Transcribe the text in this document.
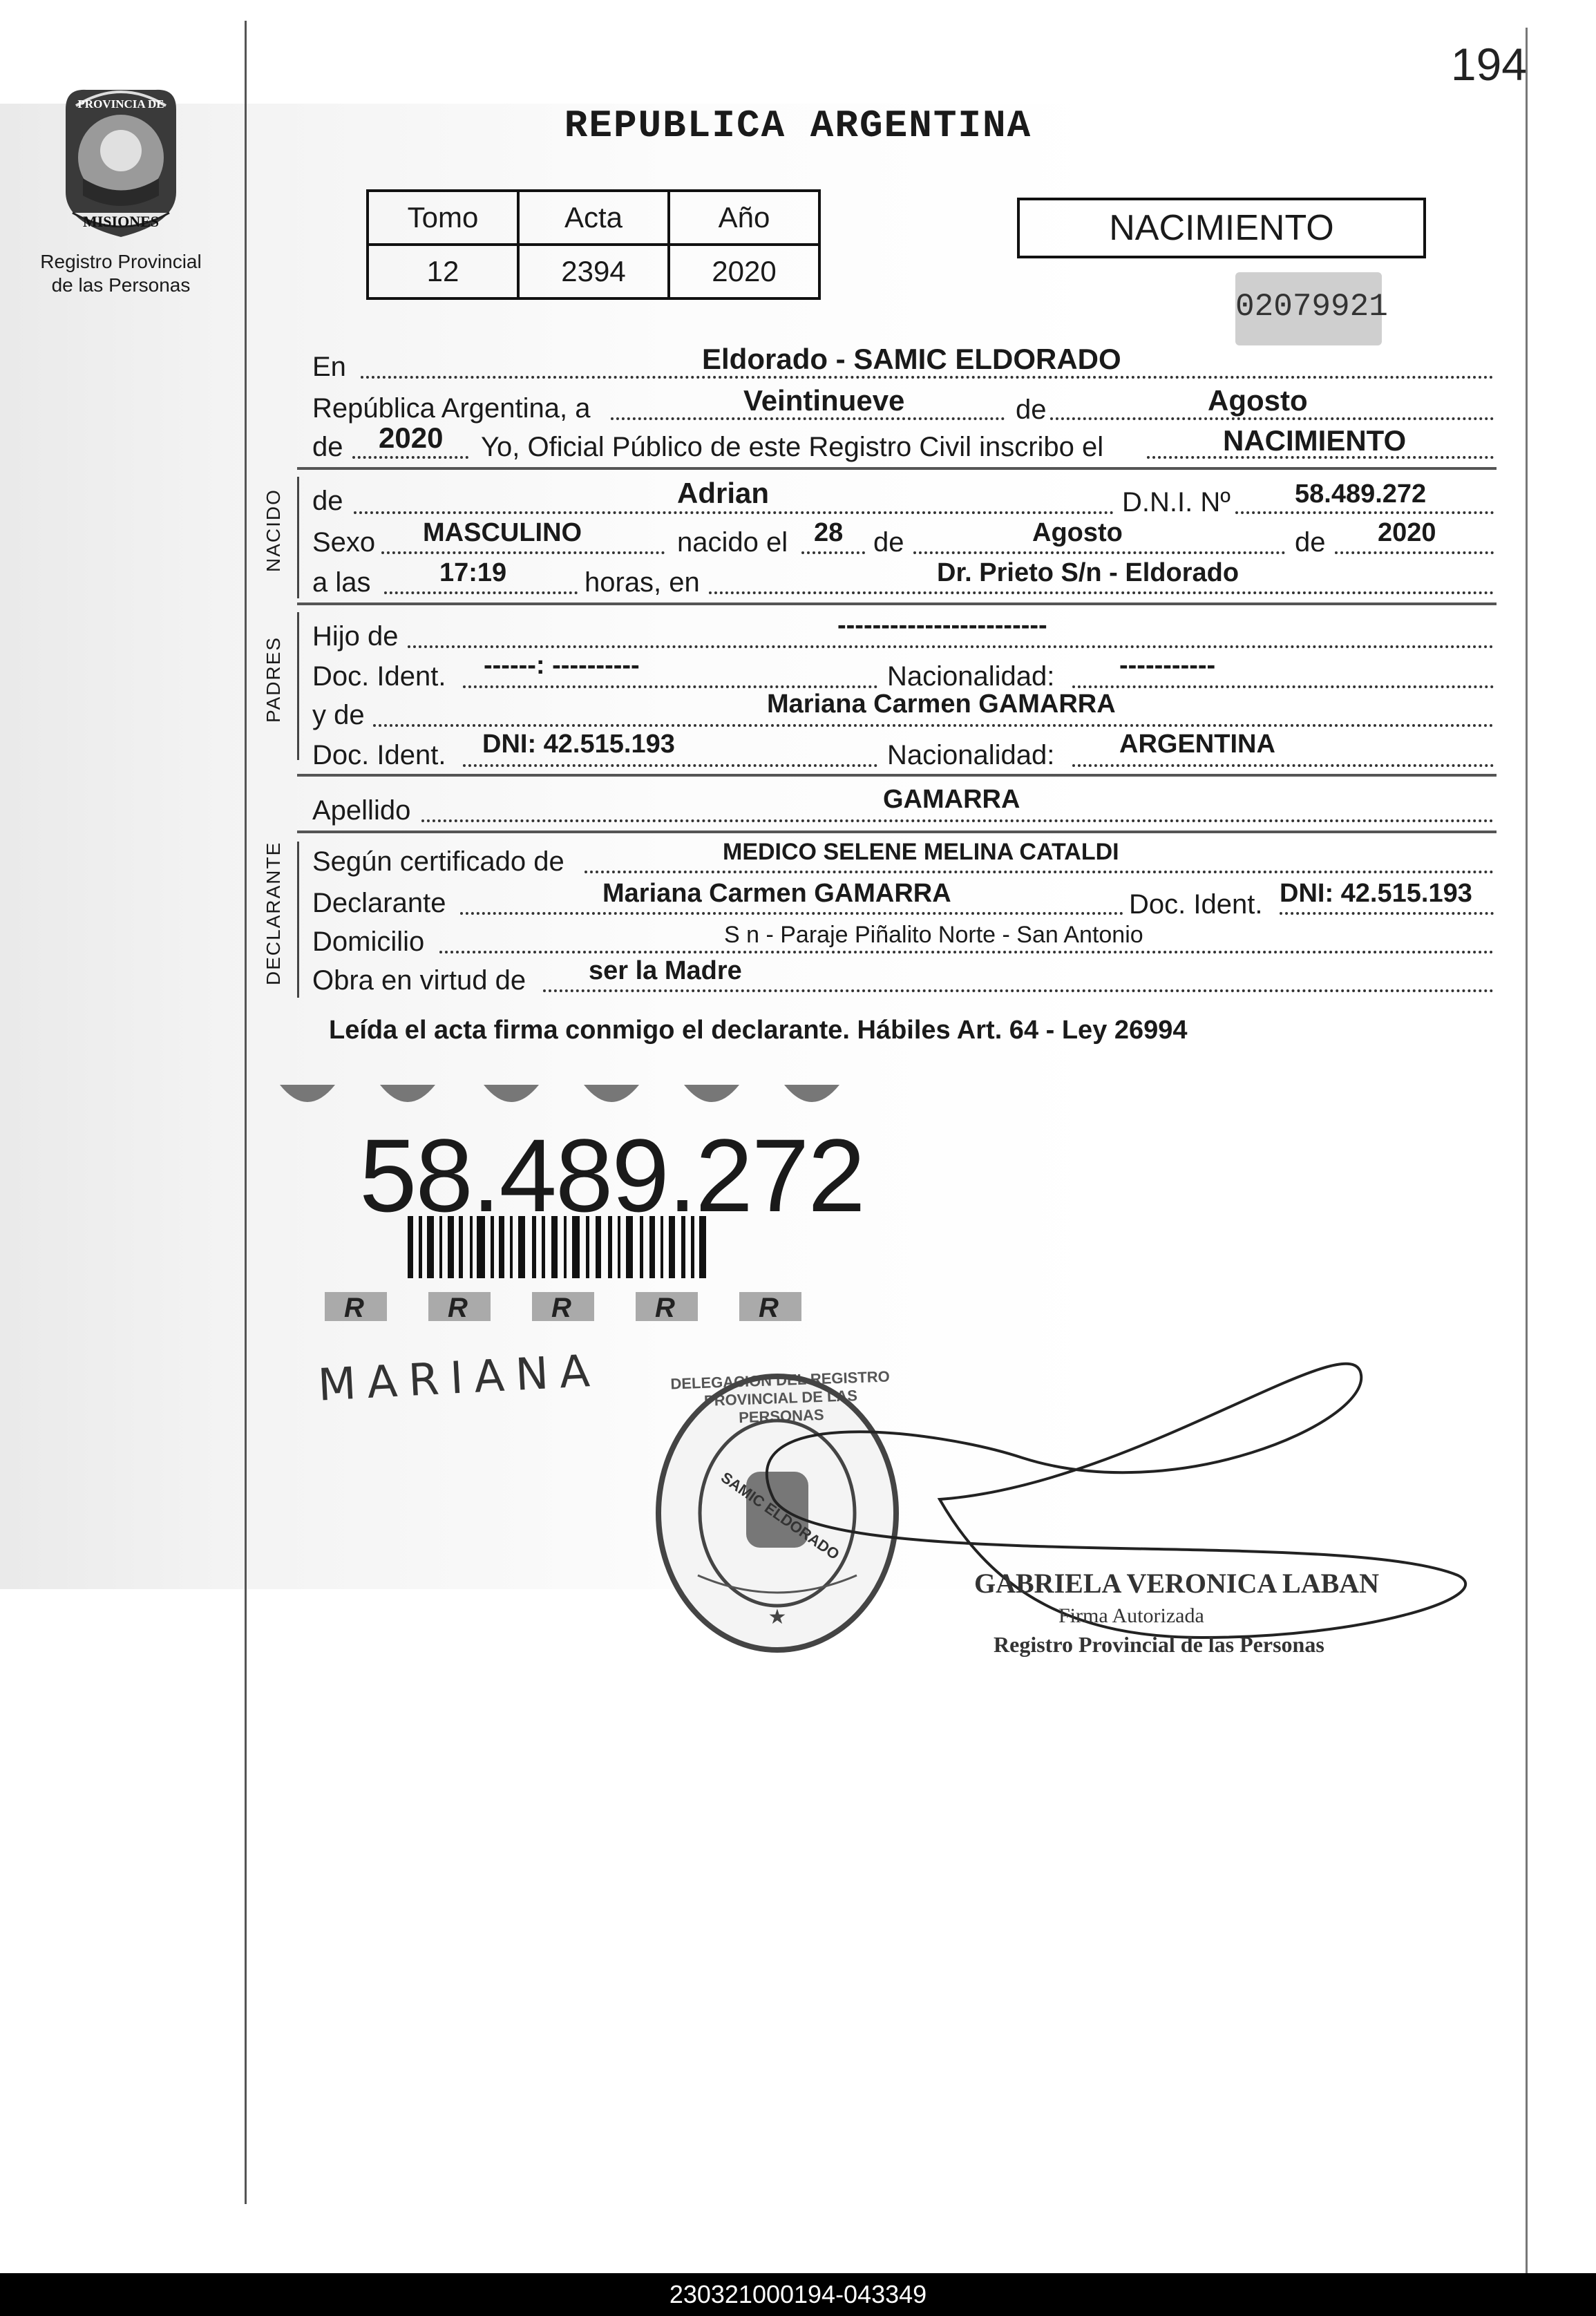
194
PROVINCIA DE
MISIONES
Registro Provincial
de las Personas
REPUBLICA ARGENTINA
Tomo	Acta	Año
12	2394	2020
NACIMIENTO
02079921
En	Eldorado - SAMIC ELDORADO
República Argentina, a	Veintinueve	de	Agosto
de 2020 Yo, Oficial Público de este Registro Civil inscribo el	NACIMIENTO
NACIDO de	Adrian	D.N.I. Nº 58.489.272
Sexo MASCULINO	nacido el 28 de	Agosto	de 2020
a las	17:19	horas, en	Dr. Prieto S/n - Eldorado
PADRES Hijo de	------------------------
Doc. Ident. ------: ----------	Nacionalidad: -----------
y de	Mariana Carmen GAMARRA
Doc. Ident. DNI: 42.515.193	Nacionalidad: ARGENTINA
Apellido	GAMARRA
DECLARANTE Según certificado de	MEDICO SELENE MELINA CATALDI
Declarante	Mariana Carmen GAMARRA	Doc. Ident. DNI: 42.515.193
Domicilio	S n - Paraje Piñalito Norte - San Antonio
Obra en virtud de ser la Madre
Leída el acta firma conmigo el declarante. Hábiles Art. 64 - Ley 26994
R	R	R	R	R
58.489.272
MARIANA
SAMIC ELDORADO
★
DELEGACION DEL REGISTRO PROVINCIAL DE LAS PERSONAS
GABRIELA VERONICA LABAN
Firma Autorizada
Registro Provincial de las Personas
230321000194-043349
